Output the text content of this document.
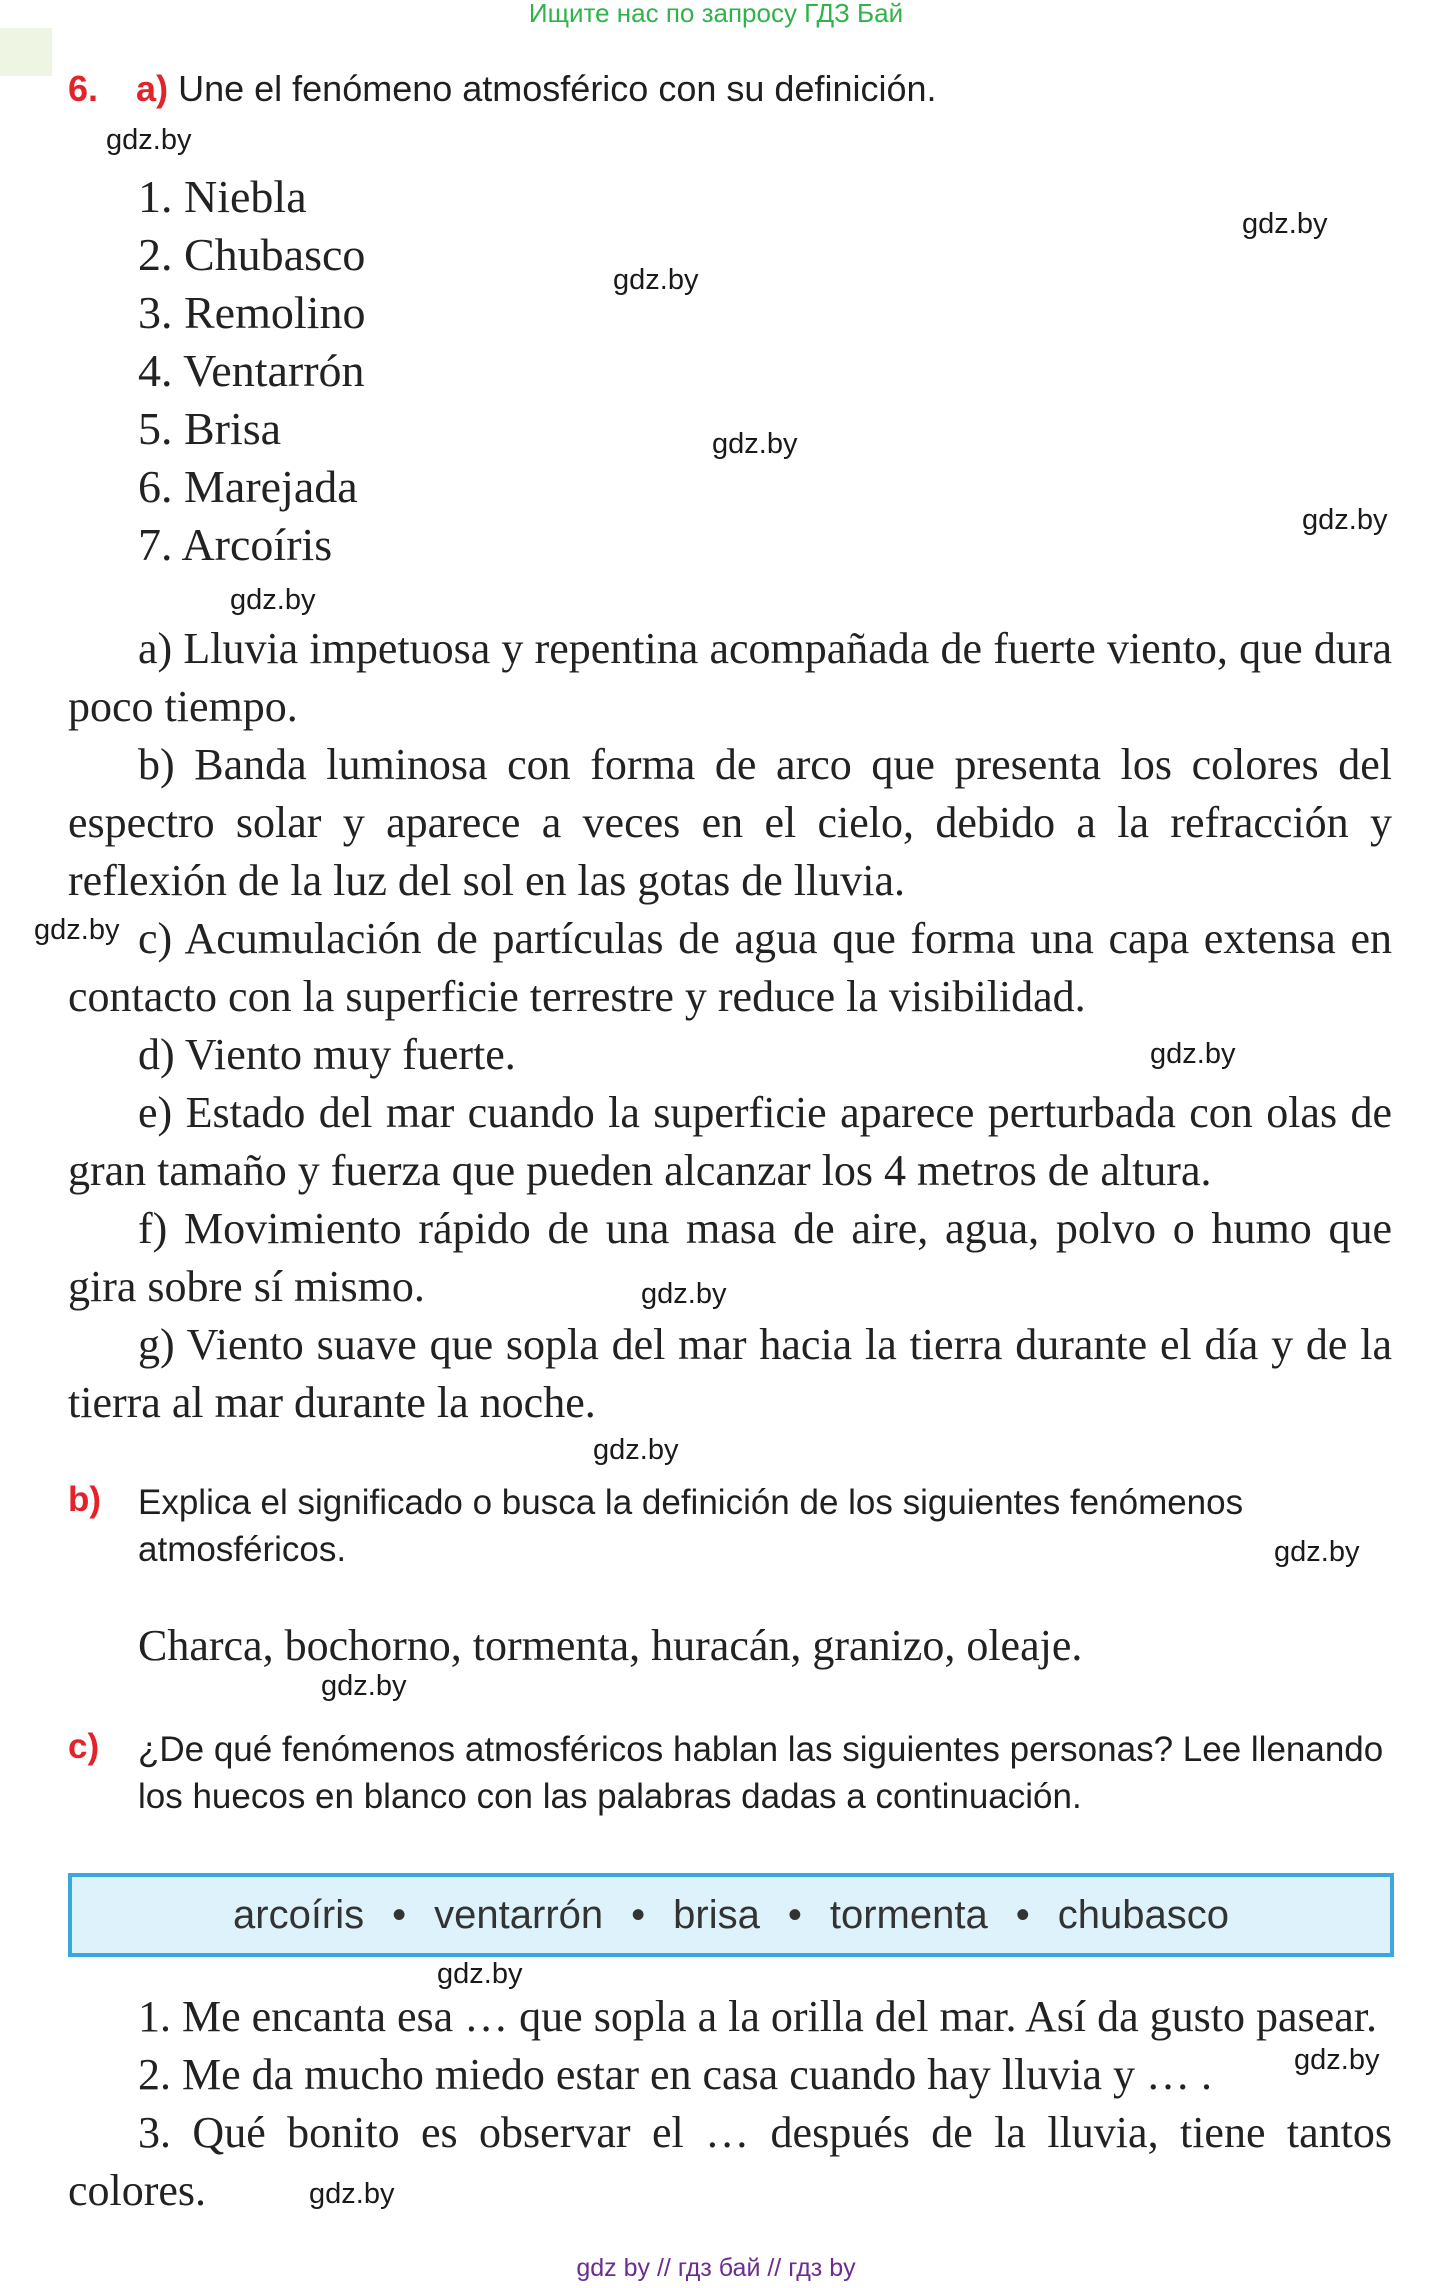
Ищите нас по запросу ГДЗ Бай
6. a) Une el fenómeno atmosférico con su definición.
1. Niebla
2. Chubasco
3. Remolino
4. Ventarrón
5. Brisa
6. Marejada
7. Arcoíris
a) Lluvia impetuosa y repentina acompañada de fuerte viento, que dura poco tiempo.
b) Banda luminosa con forma de arco que presenta los colores del espectro solar y aparece a veces en el cielo, debido a la refracción y reflexión de la luz del sol en las gotas de lluvia.
c) Acumulación de partículas de agua que forma una capa extensa en contacto con la superficie terrestre y reduce la visibilidad.
d) Viento muy fuerte.
e) Estado del mar cuando la superficie aparece perturbada con olas de gran tamaño y fuerza que pueden alcanzar los 4 metros de altura.
f) Movimiento rápido de una masa de aire, agua, polvo o humo que gira sobre sí mismo.
g) Viento suave que sopla del mar hacia la tierra durante el día y de la tierra al mar durante la noche.
b) Explica el significado o busca la definición de los siguientes fenómenos atmosféricos.
Charca, bochorno, tormenta, huracán, granizo, oleaje.
c) ¿De qué fenómenos atmosféricos hablan las siguientes personas? Lee llenando los huecos en blanco con las palabras dadas a continuación.
arcoíris • ventarrón • brisa • tormenta • chubasco
1. Me encanta esa … que sopla a la orilla del mar. Así da gusto pasear.
2. Me da mucho miedo estar en casa cuando hay lluvia y … .
3. Qué bonito es observar el … después de la lluvia, tiene tantos colores.
gdz.by
gdz.by
gdz.by
gdz.by
gdz.by
gdz.by
gdz.by
gdz.by
gdz.by
gdz.by
gdz.by
gdz.by
gdz.by
gdz.by
gdz.by
gdz by // гдз бай // гдз by
